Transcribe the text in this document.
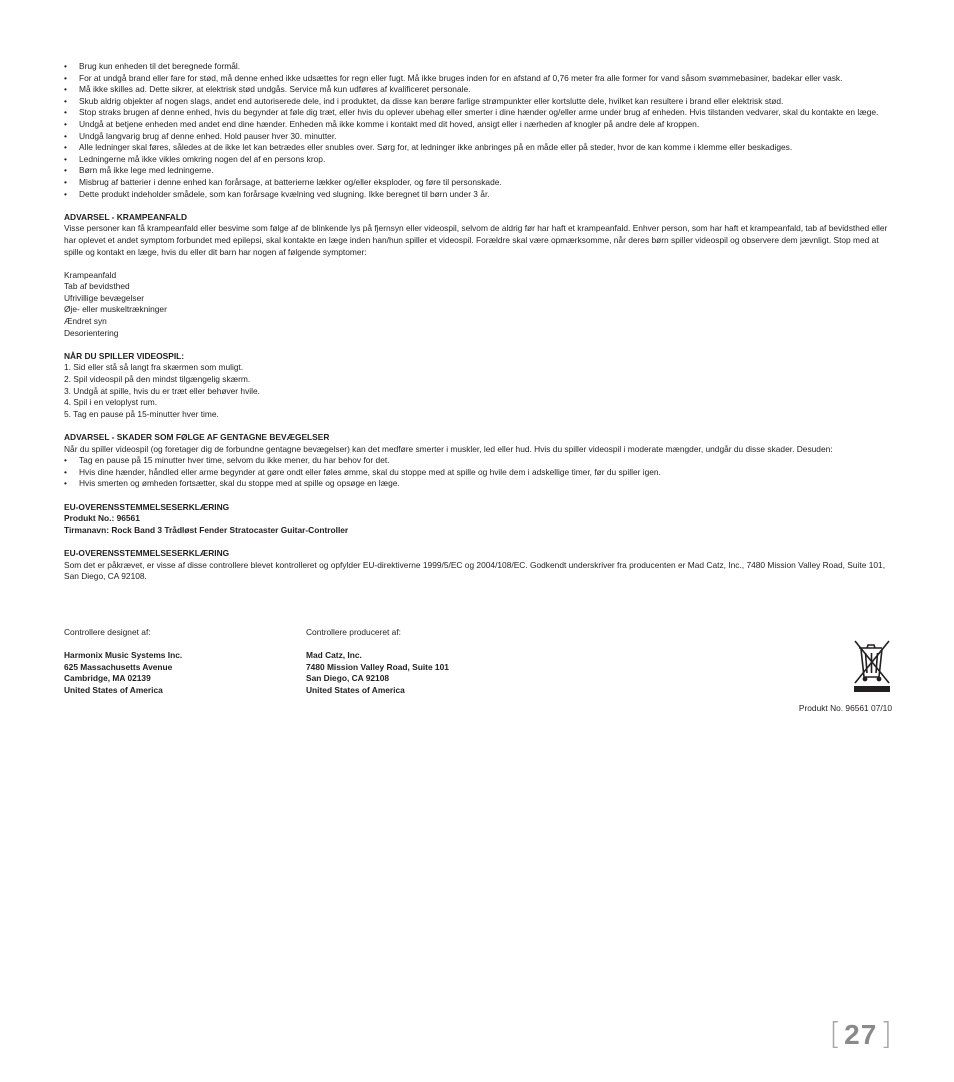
• Brug kun enheden til det beregnede formål.
• For at undgå brand eller fare for stød, må denne enhed ikke udsættes for regn eller fugt. Må ikke bruges inden for en afstand af 0,76 meter fra alle former for vand såsom svømmebasiner, badekar eller vask.
• Må ikke skilles ad. Dette sikrer, at elektrisk stød undgås. Service må kun udføres af kvalificeret personale.
• Skub aldrig objekter af nogen slags, andet end autoriserede dele, ind i produktet, da disse kan berøre farlige strømpunkter eller kortslutte dele, hvilket kan resultere i brand eller elektrisk stød.
• Stop straks brugen af denne enhed, hvis du begynder at føle dig træt, eller hvis du oplever ubehag eller smerter i dine hænder og/eller arme under brug af enheden. Hvis tilstanden vedvarer, skal du kontakte en læge.
• Undgå at betjene enheden med andet end dine hænder. Enheden må ikke komme i kontakt med dit hoved, ansigt eller i nærheden af knogler på andre dele af kroppen.
• Undgå langvarig brug af denne enhed. Hold pauser hver 30. minutter.
• Alle ledninger skal føres, således at de ikke let kan betrædes eller snubles over. Sørg for, at ledninger ikke anbringes på en måde eller på steder, hvor de kan komme i klemme eller beskadiges.
• Ledningerne må ikke vikles omkring nogen del af en persons krop.
• Børn må ikke lege med ledningerne.
• Misbrug af batterier i denne enhed kan forårsage, at batterierne lækker og/eller eksploder, og føre til personskade.
• Dette produkt indeholder smådele, som kan forårsage kvælning ved slugning. Ikke beregnet til børn under 3 år.
ADVARSEL - KRAMPEANFALD
Visse personer kan få krampeanfald eller besvime som følge af de blinkende lys på fjernsyn eller videospil, selvom de aldrig før har haft et krampeanfald. Enhver person, som har haft et krampeanfald, tab af bevidsthed eller har oplevet et andet symptom forbundet med epilepsi, skal kontakte en læge inden han/hun spiller et videospil. Forældre skal være opmærksomme, når deres børn spiller videospil og observere dem jævnligt. Stop med at spille og kontakt en læge, hvis du eller dit barn har nogen af følgende symptomer:
Krampeanfald
Tab af bevidsthed
Ufrivillige bevægelser
Øje- eller muskeltrækninger
Ændret syn
Desorientering
NÅR DU SPILLER VIDEOSPIL:
1. Sid eller stå så langt fra skærmen som muligt.
2. Spil videospil på den mindst tilgængelig skærm.
3. Undgå at spille, hvis du er træt eller behøver hvile.
4. Spil i en veloplyst rum.
5. Tag en pause på 15-minutter hver time.
ADVARSEL - SKADER SOM FØLGE AF GENTAGNE BEVÆGELSER
Når du spiller videospil (og foretager dig de forbundne gentagne bevægelser) kan det medføre smerter i muskler, led eller hud. Hvis du spiller videospil i moderate mængder, undgår du disse skader. Desuden:
• Tag en pause på 15 minutter hver time, selvom du ikke mener, du har behov for det.
• Hvis dine hænder, håndled eller arme begynder at gøre ondt eller føles ømme, skal du stoppe med at spille og hvile dem i adskellige timer, før du spiller igen.
• Hvis smerten og ømheden fortsætter, skal du stoppe med at spille og opsøge en læge.
EU-OVERENSSTEMMELSESERKLÆRING
Produkt No.: 96561
Tirmanavn: Rock Band 3 Trådløst Fender Stratocaster Guitar-Controller
EU-OVERENSSTEMMELSESERKLÆRING
Som det er påkrævet, er visse af disse controllere blevet kontrolleret og opfylder EU-direktiverne 1999/5/EC og 2004/108/EC. Godkendt underskriver fra producenten er Mad Catz, Inc., 7480 Mission Valley Road, Suite 101, San Diego, CA 92108.
Controllere designet af:
Harmonix Music Systems Inc.
625 Massachusetts Avenue
Cambridge, MA 02139
United States of America
Controllere produceret af:
Mad Catz, Inc.
7480 Mission Valley Road, Suite 101
San Diego, CA 92108
United States of America
Produkt No. 96561 07/10
[ 27 ]
